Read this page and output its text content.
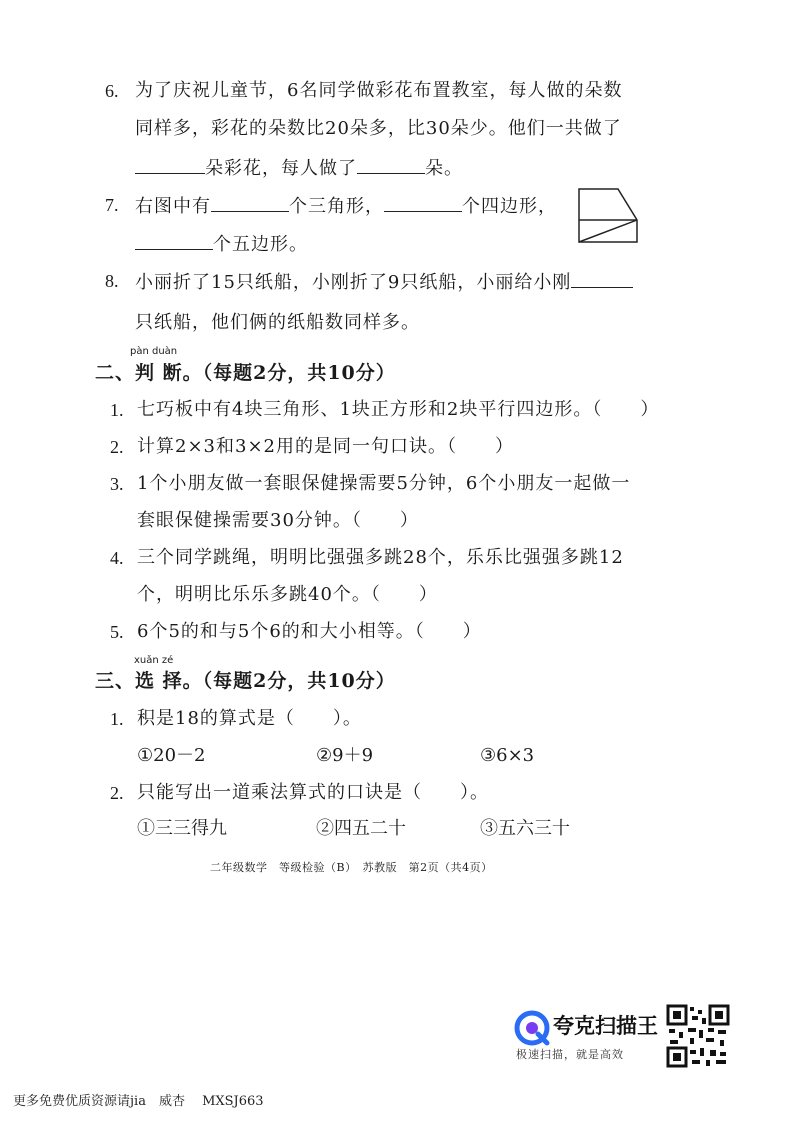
6. 为了庆祝儿童节，6名同学做彩花布置教室，每人做的朵数
同样多，彩花的朵数比20朵多，比30朵少。他们一共做了
朵彩花，每人做了	朵。
7. 右图中有	个三角形，	个四边形，
个五边形。
8. 小丽折了15只纸船，小刚折了9只纸船，小丽给小刚
只纸船，他们俩的纸船数同样多。
pàn duàn
二、判 断。（每题2分，共10分）
1. 七巧板中有4块三角形、1块正方形和2块平行四边形。（　　）
2. 计算2×3和3×2用的是同一句口诀。（　　）
3. 1个小朋友做一套眼保健操需要5分钟，6个小朋友一起做一
套眼保健操需要30分钟。（　　）
4. 三个同学跳绳，明明比强强多跳28个，乐乐比强强多跳12
个，明明比乐乐多跳40个。（　　）
5. 6个5的和与5个6的和大小相等。（　　）
xuǎn zé
三、选 择。（每题2分，共10分）
1. 积是18的算式是（　　）。
①20－2	②9＋9	③6×3
2. 只能写出一道乘法算式的口诀是（　　）。
①三三得九	②四五二十	③五六三十
二年级数学　等级检验（B）　苏教版　第2页（共4页）
夸克扫描王
极速扫描，就是高效
更多免费优质资源请jia　威杏　 MXSJ663
